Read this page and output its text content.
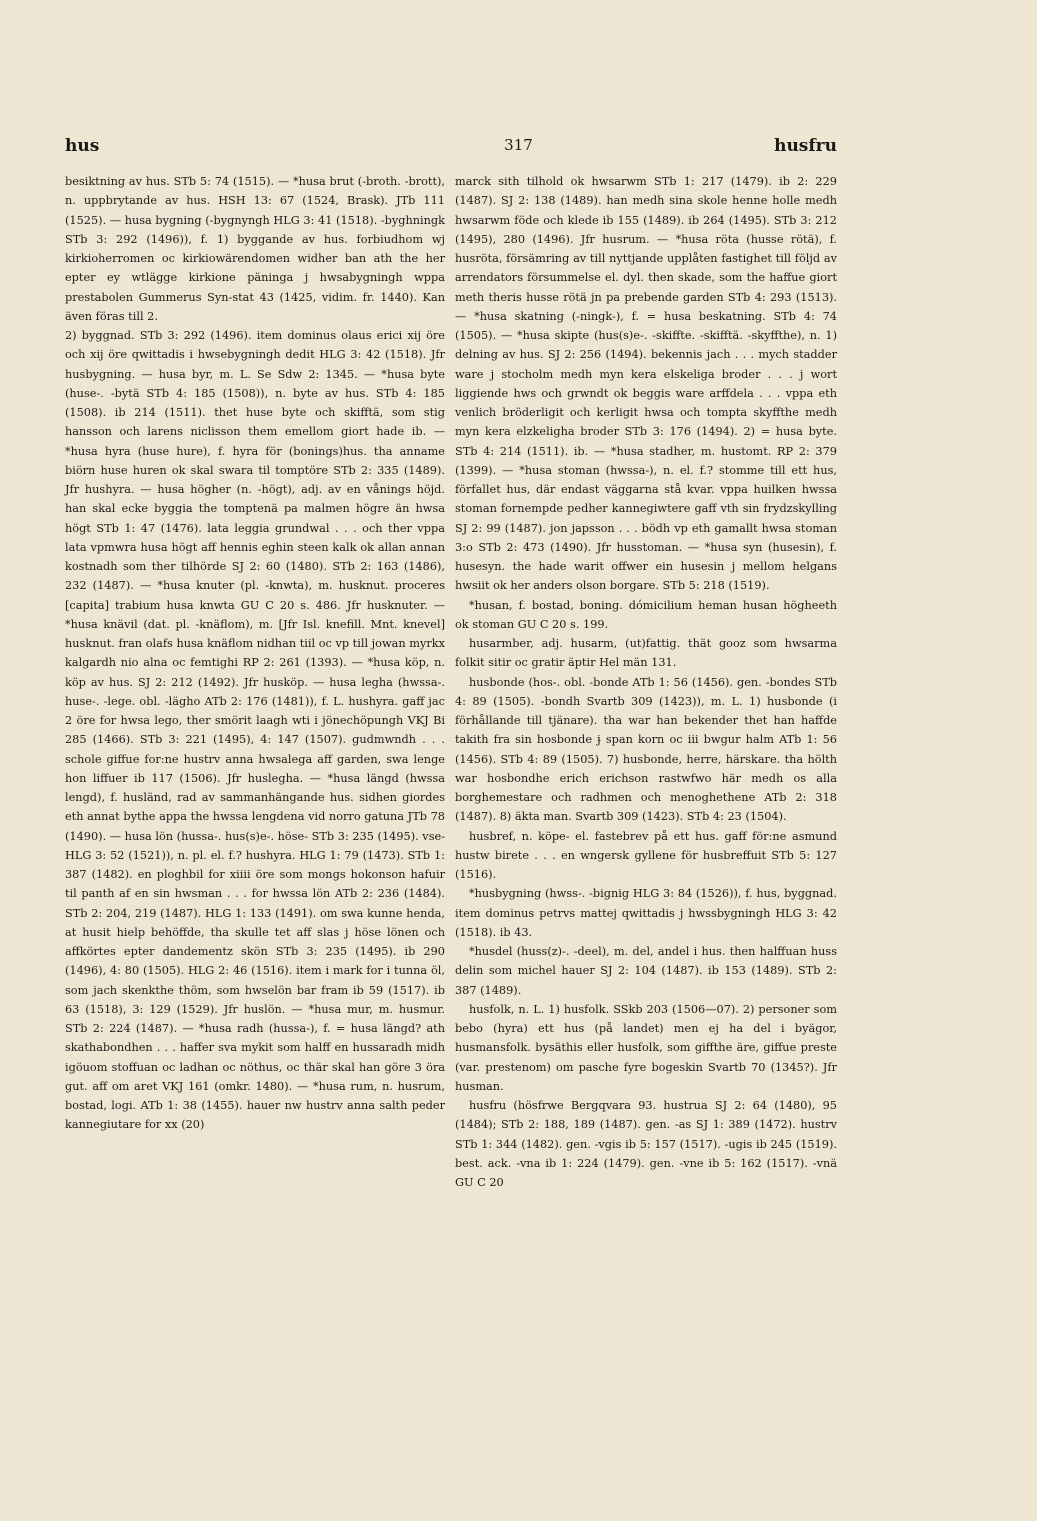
317
hus	husfru
besiktning av hus. STb 5: 74 (1515). — *husa brut (-broth. -brott), n. uppbrytande av hus. HSH 13: 67 (1524, Brask). JTb 111 (1525). — husa bygning (-bygnyngh HLG 3: 41 (1518). -byghningk STb 3: 292 (1496)), f. 1) byggande av hus. forbiudhom wj kirkioherromen oc kirkiowärendomen widher ban ath the her epter ey wtlägge kirkione päninga j hwsabygningh wppa prestabolen Gummerus Syn-stat 43 (1425, vidim. fr. 1440). Kan även föras till 2.
2) byggnad. STb 3: 292 (1496). item dominus olaus erici xij öre och xij öre qwittadis i hwsebygningh dedit HLG 3: 42 (1518). Jfr husbygning. — husa byr, m. L. Se Sdw 2: 1345. — *husa byte (huse-. -bytä STb 4: 185 (1508)), n. byte av hus. STb 4: 185 (1508). ib 214 (1511). thet huse byte och skifftä, som stig hansson och larens niclisson them emellom giort hade ib. — *husa hyra (huse hure), f. hyra för (bonings)hus. tha anname biörn huse huren ok skal swara til tomptöre STb 2: 335 (1489). Jfr hushyra. — husa högher (n. -högt), adj. av en vånings höjd. han skal ecke byggia the tomptenä pa malmen högre än hwsa högt STb 1: 47 (1476). lata leggia grundwal . . . och ther vppa lata vpmwra husa högt aff hennis eghin steen kalk ok allan annan kostnadh som ther tilhörde SJ 2: 60 (1480). STb 2: 163 (1486), 232 (1487). — *husa knuter (pl. -knwta), m. husknut. proceres [capita] trabium husa knwta GU C 20 s. 486. Jfr husknuter. — *husa knävil (dat. pl. -knäflom), m. [Jfr Isl. knefill. Mnt. knevel] husknut. fran olafs husa knäflom nidhan tiil oc vp till jowan myrkx kalgardh nio alna oc femtighi RP 2: 261 (1393). — *husa köp, n. köp av hus. SJ 2: 212 (1492). Jfr husköp. — husa legha (hwssa-. huse-. -lege. obl. -lägho ATb 2: 176 (1481)), f. L. hushyra. gaff jac 2 öre for hwsa lego, ther smörit laagh wti i jönechöpungh VKJ Bi 285 (1466). STb 3: 221 (1495), 4: 147 (1507). gudmwndh . . . schole giffue for:ne hustrv anna hwsalega aff garden, swa lenge hon liffuer ib 117 (1506). Jfr huslegha. — *husa längd (hwssa lengd), f. husländ, rad av sammanhängande hus. sidhen giordes eth annat bythe appa the hwssa lengdena vid norro gatuna JTb 78 (1490). — husa lön (hussa-. hus(s)e-. höse- STb 3: 235 (1495). vse- HLG 3: 52 (1521)), n. pl. el. f.? hushyra. HLG 1: 79 (1473). STb 1: 387 (1482). en ploghbil for xiiii öre som mongs hokonson hafuir til panth af en sin hwsman . . . for hwssa lön ATb 2: 236 (1484). STb 2: 204, 219 (1487). HLG 1: 133 (1491). om swa kunne henda, at husit hielp behöffde, tha skulle tet aff slas j höse lönen och affkörtes epter dandementz skön STb 3: 235 (1495). ib 290 (1496), 4: 80 (1505). HLG 2: 46 (1516). item i mark for i tunna öl, som jach skenkthe thöm, som hwselön bar fram ib 59 (1517). ib 63 (1518), 3: 129 (1529). Jfr huslön. — *husa mur, m. husmur. STb 2: 224 (1487). — *husa radh (hussa-), f. = husa längd? ath skathabondhen . . . haffer sva mykit som halff en hussaradh midh igöuom stoffuan oc ladhan oc nöthus, oc thär skal han göre 3 öra gut. aff om aret VKJ 161 (omkr. 1480). — *husa rum, n. husrum, bostad, logi. ATb 1: 38 (1455). hauer nw hustrv anna salth peder kannegiutare for xx (20)
marck sith tilhold ok hwsarwm STb 1: 217 (1479). ib 2: 229 (1487). SJ 2: 138 (1489). han medh sina skole henne holle medh hwsarwm föde och klede ib 155 (1489). ib 264 (1495). STb 3: 212 (1495), 280 (1496). Jfr husrum. — *husa röta (husse rötä), f. husröta, försämring av till nyttjande upplåten fastighet till följd av arrendators försummelse el. dyl. then skade, som the haffue giort meth theris husse rötä jn pa prebende garden STb 4: 293 (1513). — *husa skatning (-ningk-), f. = husa beskatning. STb 4: 74 (1505). — *husa skipte (hus(s)e-. -skiffte. -skifftä. -skyffthe), n. 1) delning av hus. SJ 2: 256 (1494). bekennis jach . . . mych stadder ware j stocholm medh myn kera elskeliga broder . . . j wort liggiende hws och grwndt ok beggis ware arffdela . . . vppa eth venlich bröderligit och kerligit hwsa och tompta skyffthe medh myn kera elzkeligha broder STb 3: 176 (1494). 2) = husa byte. STb 4: 214 (1511). ib. — *husa stadher, m. hustomt. RP 2: 379 (1399). — *husa stoman (hwssa-), n. el. f.? stomme till ett hus, förfallet hus, där endast väggarna stå kvar. vppa huilken hwssa stoman fornempde pedher kannegiwtere gaff vth sin frydzskylling SJ 2: 99 (1487). jon japsson . . . bödh vp eth gamallt hwsa stoman 3:o STb 2: 473 (1490). Jfr husstoman. — *husa syn (husesin), f. husesyn. the hade warit offwer ein husesin j mellom helgans hwsiit ok her anders olson borgare. STb 5: 218 (1519).
*husan, f. bostad, boning. dómicilium heman husan högheeth ok stoman GU C 20 s. 199.
husarmber, adj. husarm, (ut)fattig. thät gooz som hwsarma folkit sitir oc gratir äptir Hel män 131.
husbonde (hos-. obl. -bonde ATb 1: 56 (1456). gen. -bondes STb 4: 89 (1505). -bondh Svartb 309 (1423)), m. L. 1) husbonde (i förhållande till tjänare). tha war han bekender thet han haffde takith fra sin hosbonde ɉ span korn oc iii bwgur halm ATb 1: 56 (1456). STb 4: 89 (1505). 7) husbonde, herre, härskare. tha hölth war hosbondhe erich erichson rastwfwo här medh os alla borghemestare och radhmen och menoghethene ATb 2: 318 (1487). 8) äkta man. Svartb 309 (1423). STb 4: 23 (1504).
husbref, n. köpe- el. fastebrev på ett hus. gaff för:ne asmund hustw birete . . . en wngersk gyllene för husbreffuit STb 5: 127 (1516).
*husbygning (hwss-. -bignig HLG 3: 84 (1526)), f. hus, byggnad. item dominus petrvs mattej qwittadis j hwssbygningh HLG 3: 42 (1518). ib 43.
*husdel (huss(z)-. -deel), m. del, andel i hus. then halffuan huss delin som michel hauer SJ 2: 104 (1487). ib 153 (1489). STb 2: 387 (1489).
husfolk, n. L. 1) husfolk. SSkb 203 (1506—07). 2) personer som bebo (hyra) ett hus (på landet) men ej ha del i byägor, husmansfolk. bysäthis eller husfolk, som giffthe äre, giffue preste (var. prestenom) om pasche fyre bogeskin Svartb 70 (1345?). Jfr husman.
husfru (hösfrwe Bergqvara 93. hustrua SJ 2: 64 (1480), 95 (1484); STb 2: 188, 189 (1487). gen. -as SJ 1: 389 (1472). hustrv STb 1: 344 (1482). gen. -vgis ib 5: 157 (1517). -ugis ib 245 (1519). best. ack. -vna ib 1: 224 (1479). gen. -vne ib 5: 162 (1517). -vnä GU C 20
